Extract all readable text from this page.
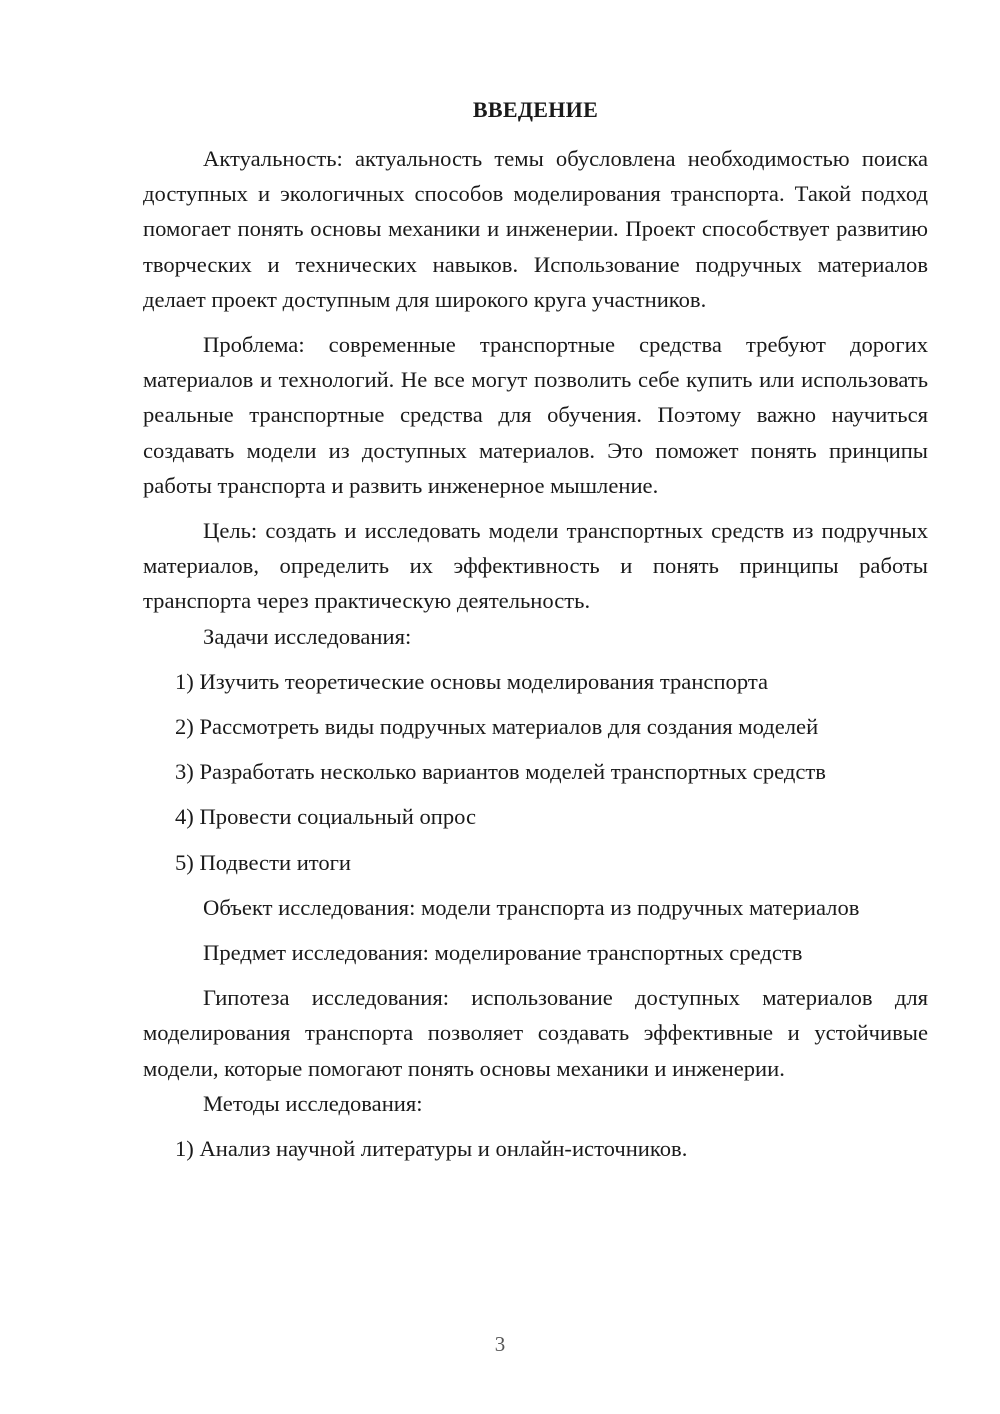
ВВЕДЕНИЕ

Актуальность: актуальность темы обусловлена необходимостью поиска доступных и экологичных способов моделирования транспорта. Такой подход помогает понять основы механики и инженерии. Проект способствует развитию творческих и технических навыков. Использование подручных материалов делает проект доступным для широкого круга участников.

Проблема: современные транспортные средства требуют дорогих материалов и технологий. Не все могут позволить себе купить или использовать реальные транспортные средства для обучения. Поэтому важно научиться создавать модели из доступных материалов. Это поможет понять принципы работы транспорта и развить инженерное мышление.

Цель: создать и исследовать модели транспортных средств из подручных материалов, определить их эффективность и понять принципы работы транспорта через практическую деятельность.

Задачи исследования:

1) Изучить теоретические основы моделирования транспорта

2) Рассмотреть виды подручных материалов для создания моделей

3) Разработать несколько вариантов моделей транспортных средств

4) Провести социальный опрос

5) Подвести итоги

Объект исследования: модели транспорта из подручных материалов

Предмет исследования: моделирование транспортных средств

Гипотеза исследования: использование доступных материалов для моделирования транспорта позволяет создавать эффективные и устойчивые модели, которые помогают понять основы механики и инженерии.

Методы исследования:

1) Анализ научной литературы и онлайн-источников.

3
